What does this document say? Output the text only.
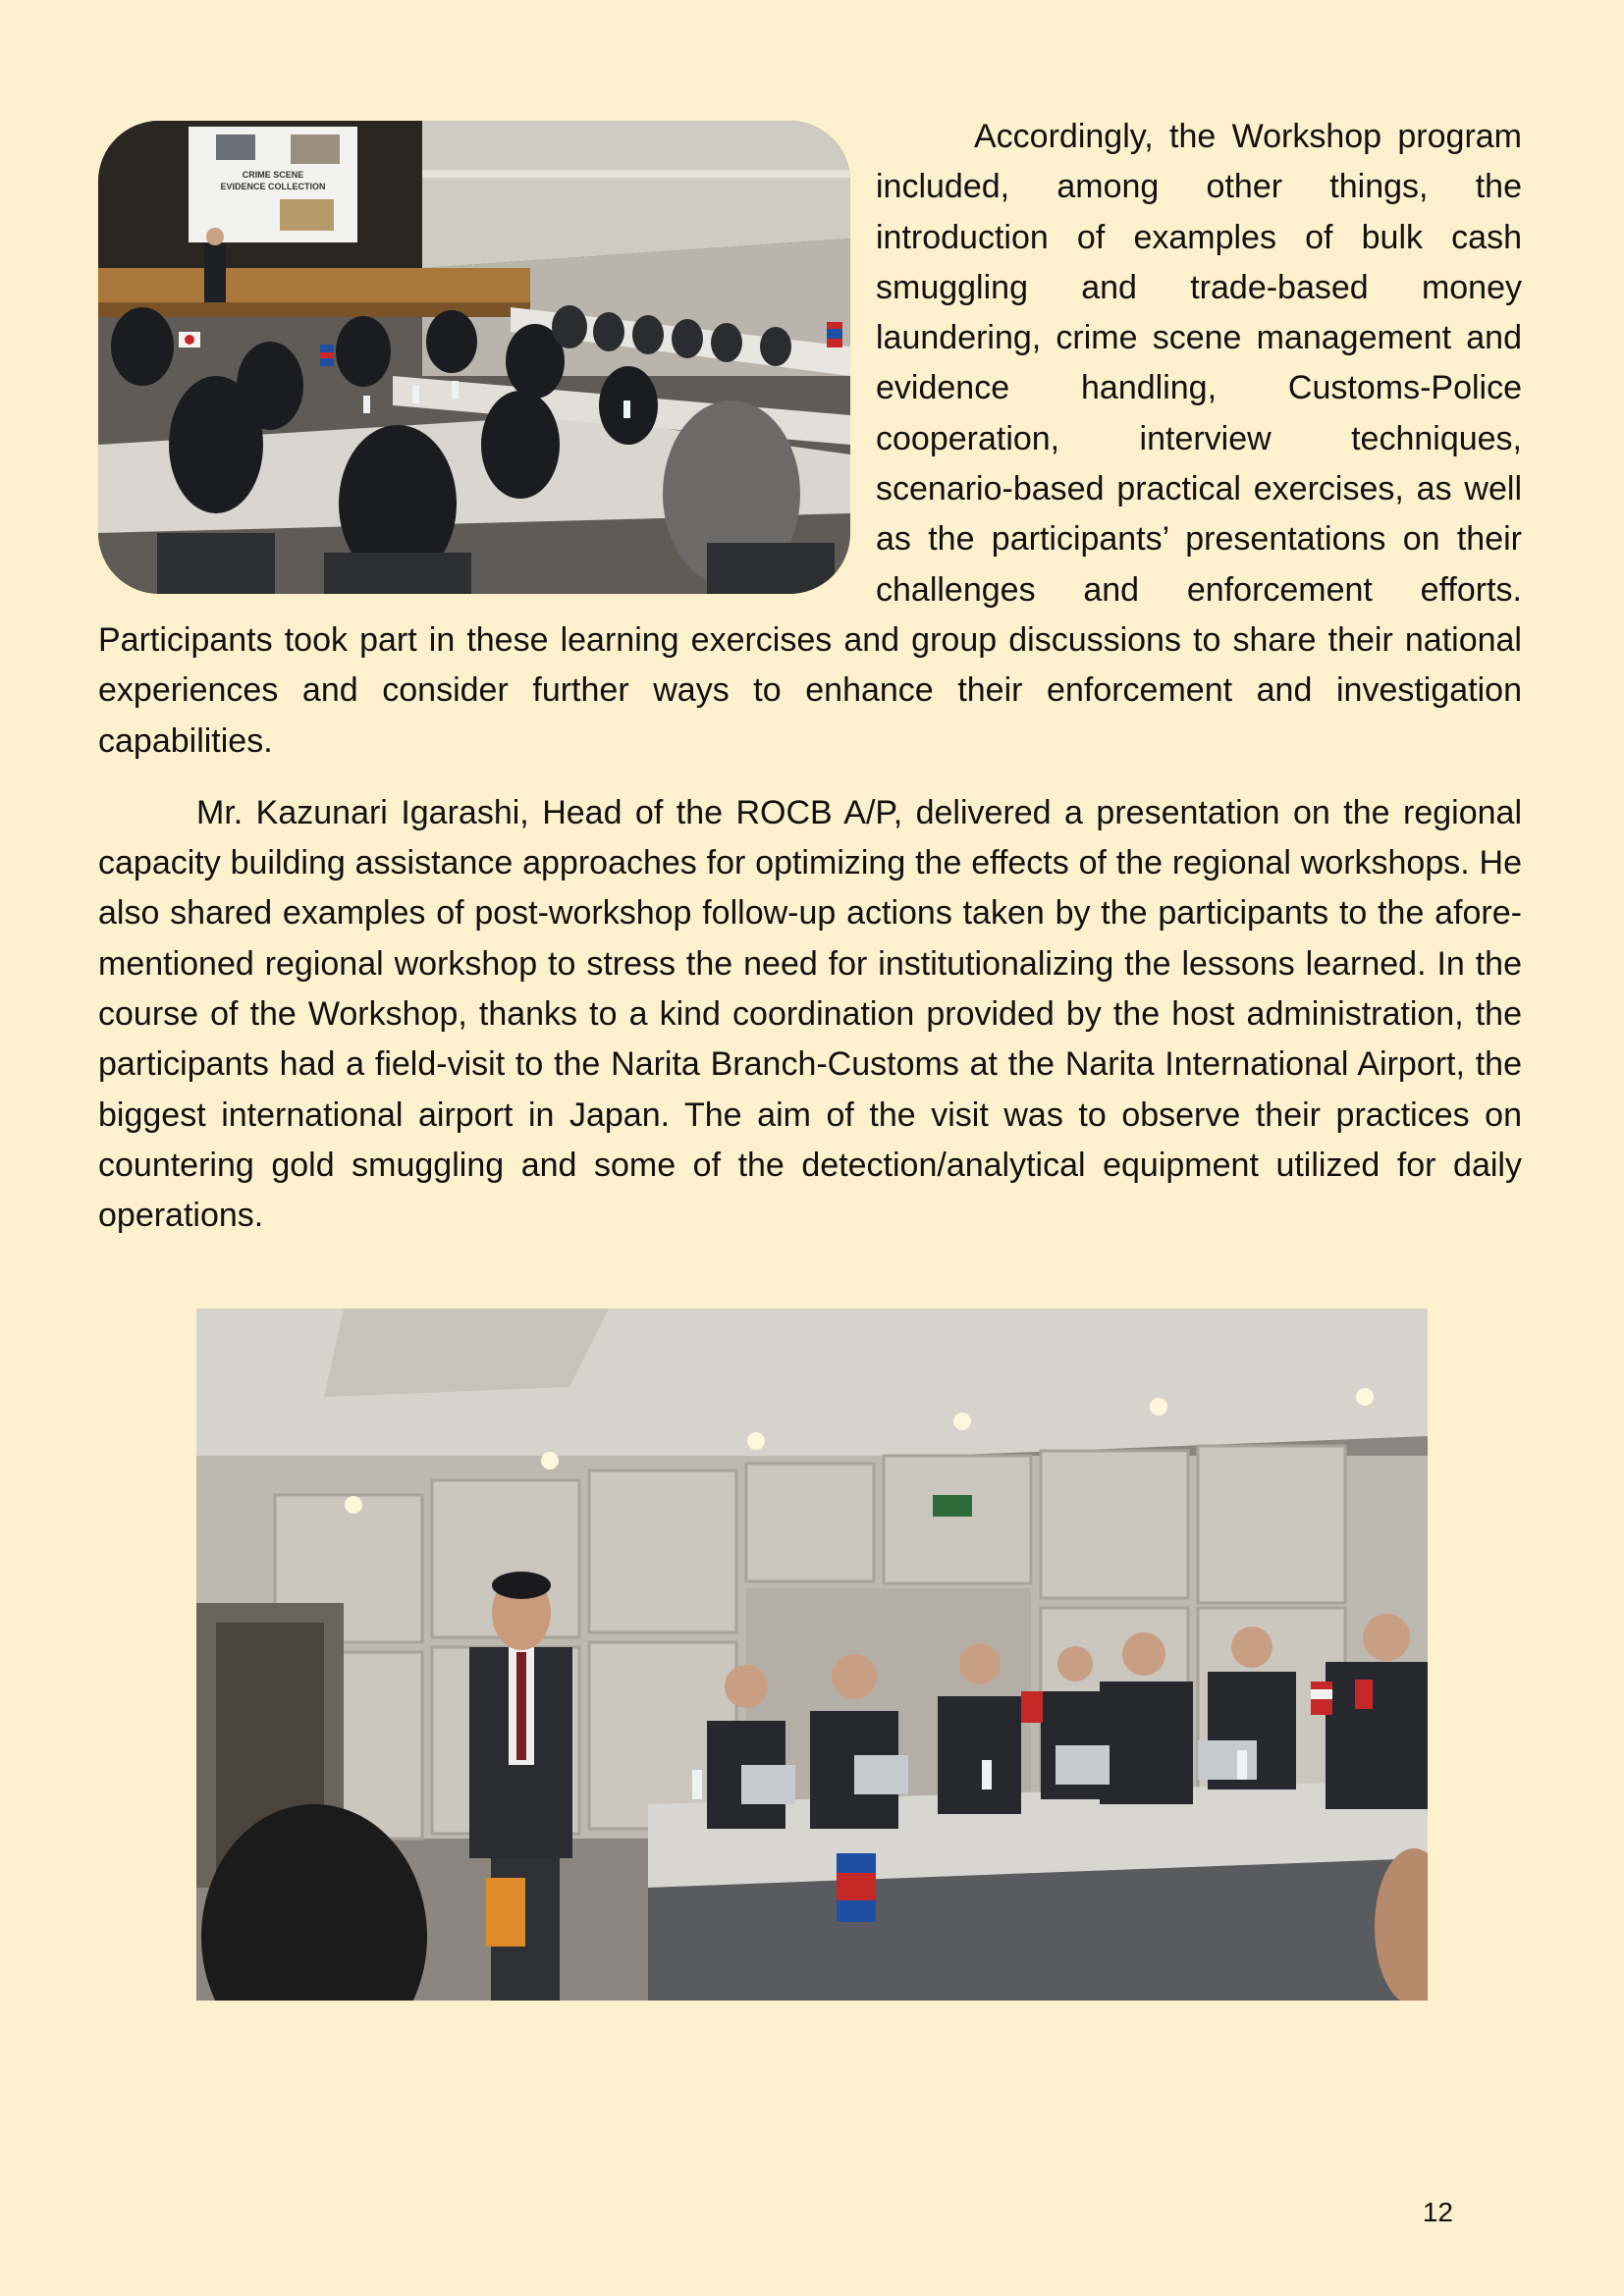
CRIME SCENE
EVIDENCE COLLECTION
Accordingly, the Workshop program included, among other things, the introduction of examples of bulk cash smuggling and trade-based money laundering, crime scene management and evidence handling, Customs-Police cooperation, interview techniques, scenario-based practical exercises, as well as the participants’ presentations on their challenges and enforcement efforts. Participants took part in these learning exercises and group discussions to share their national experiences and consider further ways to enhance their enforcement and investigation capabilities.

Mr. Kazunari Igarashi, Head of the ROCB A/P, delivered a presentation on the regional capacity building assistance approaches for optimizing the effects of the regional workshops. He also shared examples of post-workshop follow-up actions taken by the participants to the afore-mentioned regional workshop to stress the need for institutionalizing the lessons learned. In the course of the Workshop, thanks to a kind coordination provided by the host administration, the participants had a field-visit to the Narita Branch-Customs at the Narita International Airport, the biggest international airport in Japan. The aim of the visit was to observe their practices on countering gold smuggling and some of the detection/analytical equipment utilized for daily operations.

12
